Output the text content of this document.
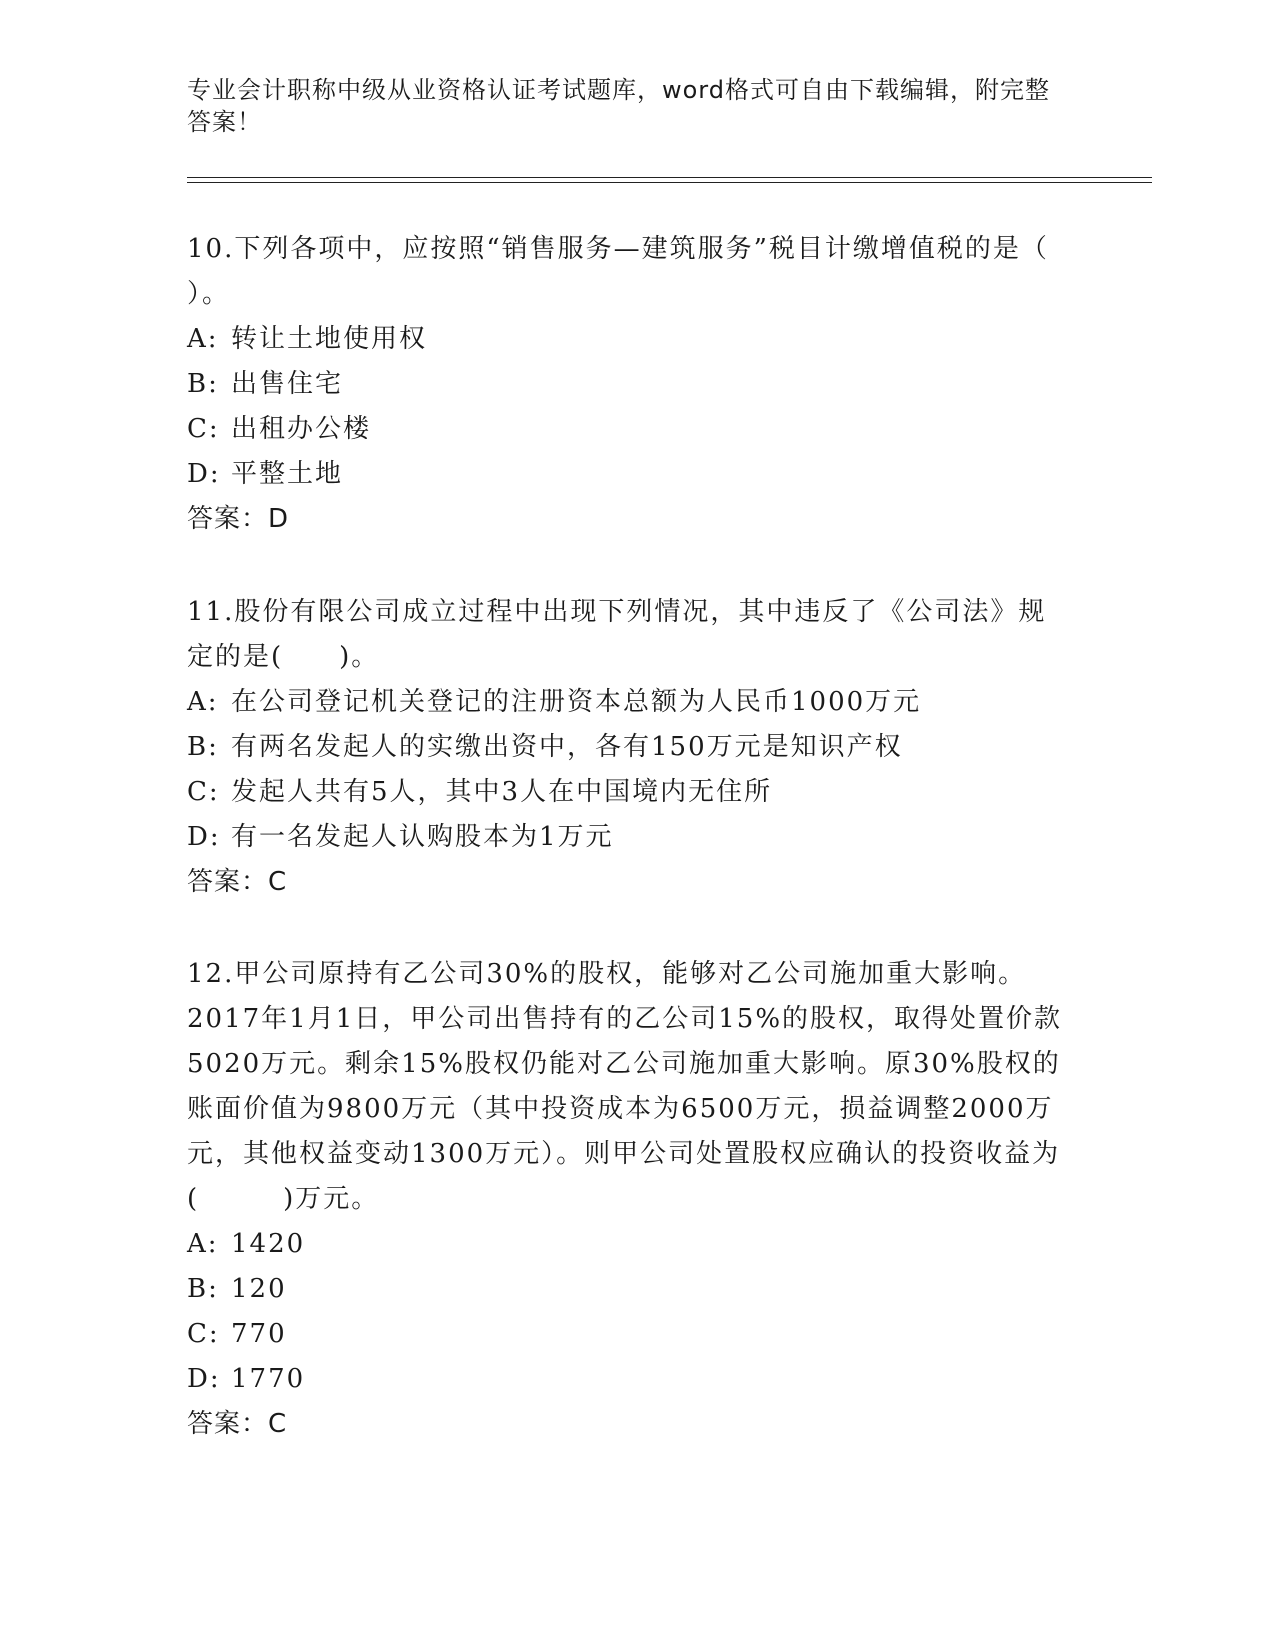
专业会计职称中级从业资格认证考试题库，word格式可自由下载编辑，附完整答案！

10.下列各项中，应按照“销售服务—建筑服务”税目计缴增值税的是（ ）。

A: 转让土地使用权

B: 出售住宅

C: 出租办公楼

D: 平整土地

答案：D

11.股份有限公司成立过程中出现下列情况，其中违反了《公司法》规定的是(　　)。

A: 在公司登记机关登记的注册资本总额为人民币1000万元

B: 有两名发起人的实缴出资中，各有150万元是知识产权

C: 发起人共有5人，其中3人在中国境内无住所

D: 有一名发起人认购股本为1万元

答案：C

12.甲公司原持有乙公司30%的股权，能够对乙公司施加重大影响。2017年1月1日，甲公司出售持有的乙公司15%的股权，取得处置价款5020万元。剩余15%股权仍能对乙公司施加重大影响。原30%股权的账面价值为9800万元（其中投资成本为6500万元，损益调整2000万元，其他权益变动1300万元）。则甲公司处置股权应确认的投资收益为(　　　)万元。

A: 1420

B: 120

C: 770

D: 1770

答案：C
